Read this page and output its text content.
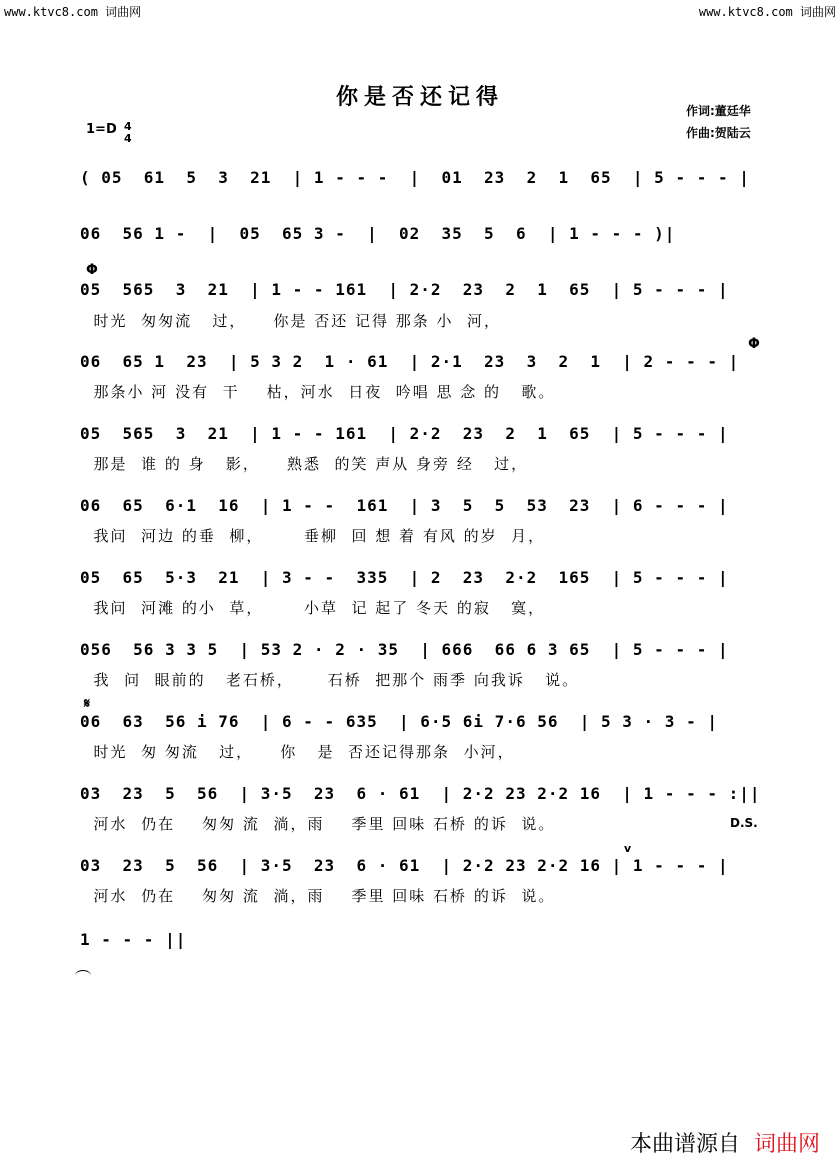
www.ktvc8.com 词曲网	www.ktvc8.com 词曲网
你是否还记得
作词:董廷华
作曲:贺陆云
1=D 4
4
( 05  61  5  3  21  | 1 - - -  |  01  23  2  1  65  | 5 - - - |
06  56 1 -  |  05  65 3 -  |  02  35  5  6  | 1 - - - )|
Φ
05  565  3  21  | 1 - - 161  | 2·2  23  2  1  65  | 5 - - - |
时光  匆匆流   过，    你是 否还 记得 那条 小  河，
Φ
06  65 1  23  | 5 3 2  1 · 61  | 2·1  23  3  2  1  | 2 - - - |
那条小 河 没有  干    枯，河水  日夜  吟唱 思 念 的   歌。
05  565  3  21  | 1 - - 161  | 2·2  23  2  1  65  | 5 - - - |
那是  谁 的 身   影，    熟悉  的笑 声从 身旁 经   过，
06  65  6·1  16  | 1 - -  161  | 3  5  5  53  23  | 6 - - - |
我问  河边 的垂  柳，      垂柳  回 想 着 有风 的岁  月，
05  65  5·3  21  | 3 - -  335  | 2  23  2·2  165  | 5 - - - |
我问  河滩 的小  草，      小草  记 起了 冬天 的寂   寞，
056  56 3 3 5  | 53 2 · 2 · 35  | 666  66 6 3 65  | 5 - - - |
我  问  眼前的   老石桥，     石桥  把那个 雨季 向我诉   说。
𝄋
06  63  56 i 76  | 6 - - 635  | 6·5 6i 7·6 56  | 5 3 · 3 - |
时光  匆 匆流   过，    你   是  否还记得那条  小河，
03  23  5  56  | 3·5  23  6 · 61  | 2·2 23 2·2 16  | 1 - - - :||
河水  仍在    匆匆 流  淌，雨    季里 回味 石桥 的诉  说。	D.S.
v
03  23  5  56  | 3·5  23  6 · 61  | 2·2 23 2·2 16 | 1 - - - |
河水  仍在    匆匆 流  淌，雨    季里 回味 石桥 的诉  说。
1 - - - ||
本曲谱源自 词曲网
